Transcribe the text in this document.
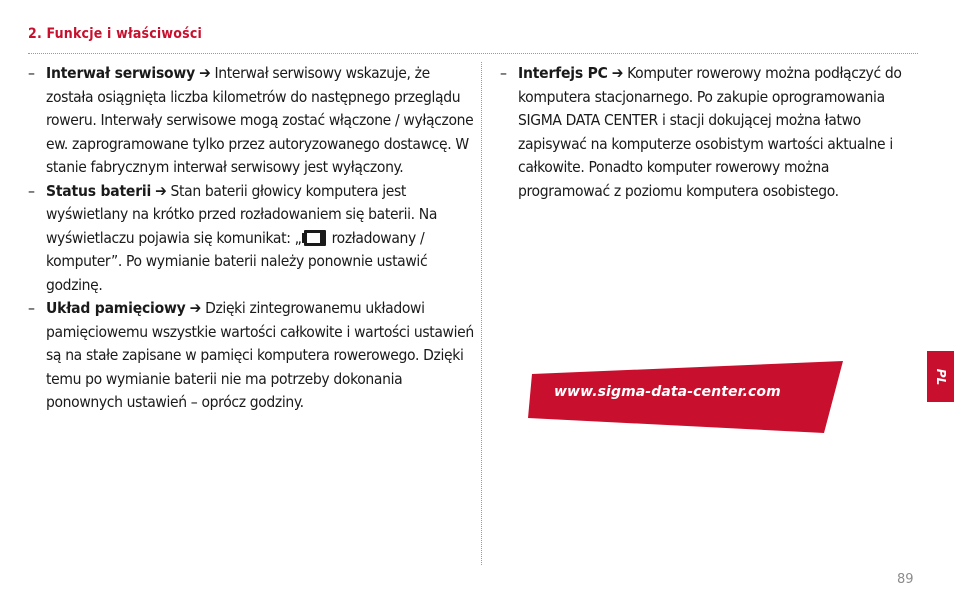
2. Funkcje i właściwości
– Interwał serwisowy ➔ Interwał serwisowy wskazuje, że została osiągnięta liczba kilometrów do następnego przeglądu roweru. Interwały serwisowe mogą zostać włączone / wyłączone ew. zaprogramowane tylko przez autoryzowanego dostawcę. W stanie fabrycznym interwał serwisowy jest wyłączony.
– Status baterii ➔ Stan baterii głowicy komputera jest wyświetlany na krótko przed rozładowaniem się baterii. Na wyświetlaczu pojawia się komunikat: „ rozładowany / komputer”. Po wymianie baterii należy ponownie ustawić godzinę.
– Układ pamięciowy ➔ Dzięki zintegrowanemu układowi pamięciowemu wszystkie wartości całkowite i wartości ustawień są na stałe zapisane w pamięci komputera rowerowego. Dzięki temu po wymianie baterii nie ma potrzeby dokonania ponownych ustawień – oprócz godziny.
– Interfejs PC ➔ Komputer rowerowy można podłączyć do komputera stacjonarnego. Po zakupie oprogramowania SIGMA DATA CENTER i stacji dokującej można łatwo zapisywać na komputerze osobistym wartości aktualne i całkowite. Ponadto komputer rowerowy można programować z poziomu komputera osobistego.
www.sigma-data-center.com
PL
89
